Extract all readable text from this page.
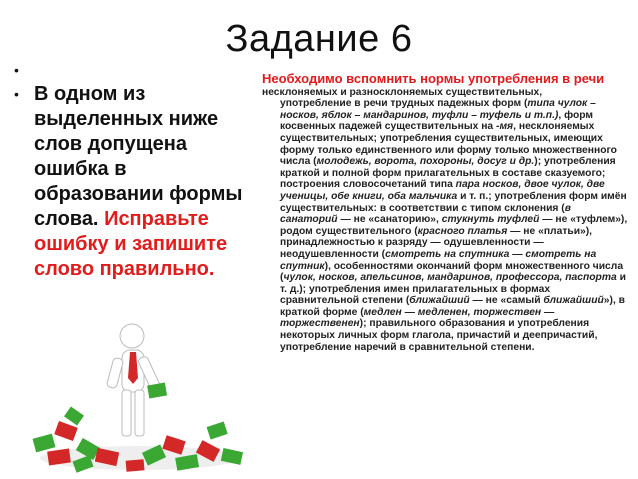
Задание 6
•
• В одном из выделенных ниже слов допущена ошибка в образовании формы слова. Исправьте ошибку и запишите слово правильно.
Необходимо вспомнить нормы употребления в речи несклоняемых и разносклоняемых существительных,
употребление в речи трудных падежных форм (типа чулок – носков, яблок – мандаринов, туфли – туфель и т.п.), форм косвенных падежей существительных на -мя, несклоняемых существительных; употребления существительных, имеющих форму только единственного или форму только множественного числа (молодежь, ворота, похороны, досуг и др.); употребления краткой и полной форм прилагательных в составе сказуемого; построения словосочетаний типа пара носков, двое чулок, две ученицы, обе книги, оба мальчика и т. п.; употребления форм имён существительных: в соответствии с типом склонения (в санаторий — не «санаторию», стукнуть туфлей — не «туфлем»), родом существительного (красного платья — не «платьи»), принадлежностью к разряду — одушевленности — неодушевленности (смотреть на спутника — смотреть на спутник), особенностями окончаний форм множественного числа (чулок, носков, апельсинов, мандаринов, профессора, паспорта и т. д.); употребления имен прилагательных в формах сравнительной степени (ближайший — не «самый ближайший»), в краткой форме (медлен — медленен, торжествен — торжественен); правильного образования и употребления некоторых личных форм глагола, причастий и деепричастий, употребление наречий в сравнительной степени.
